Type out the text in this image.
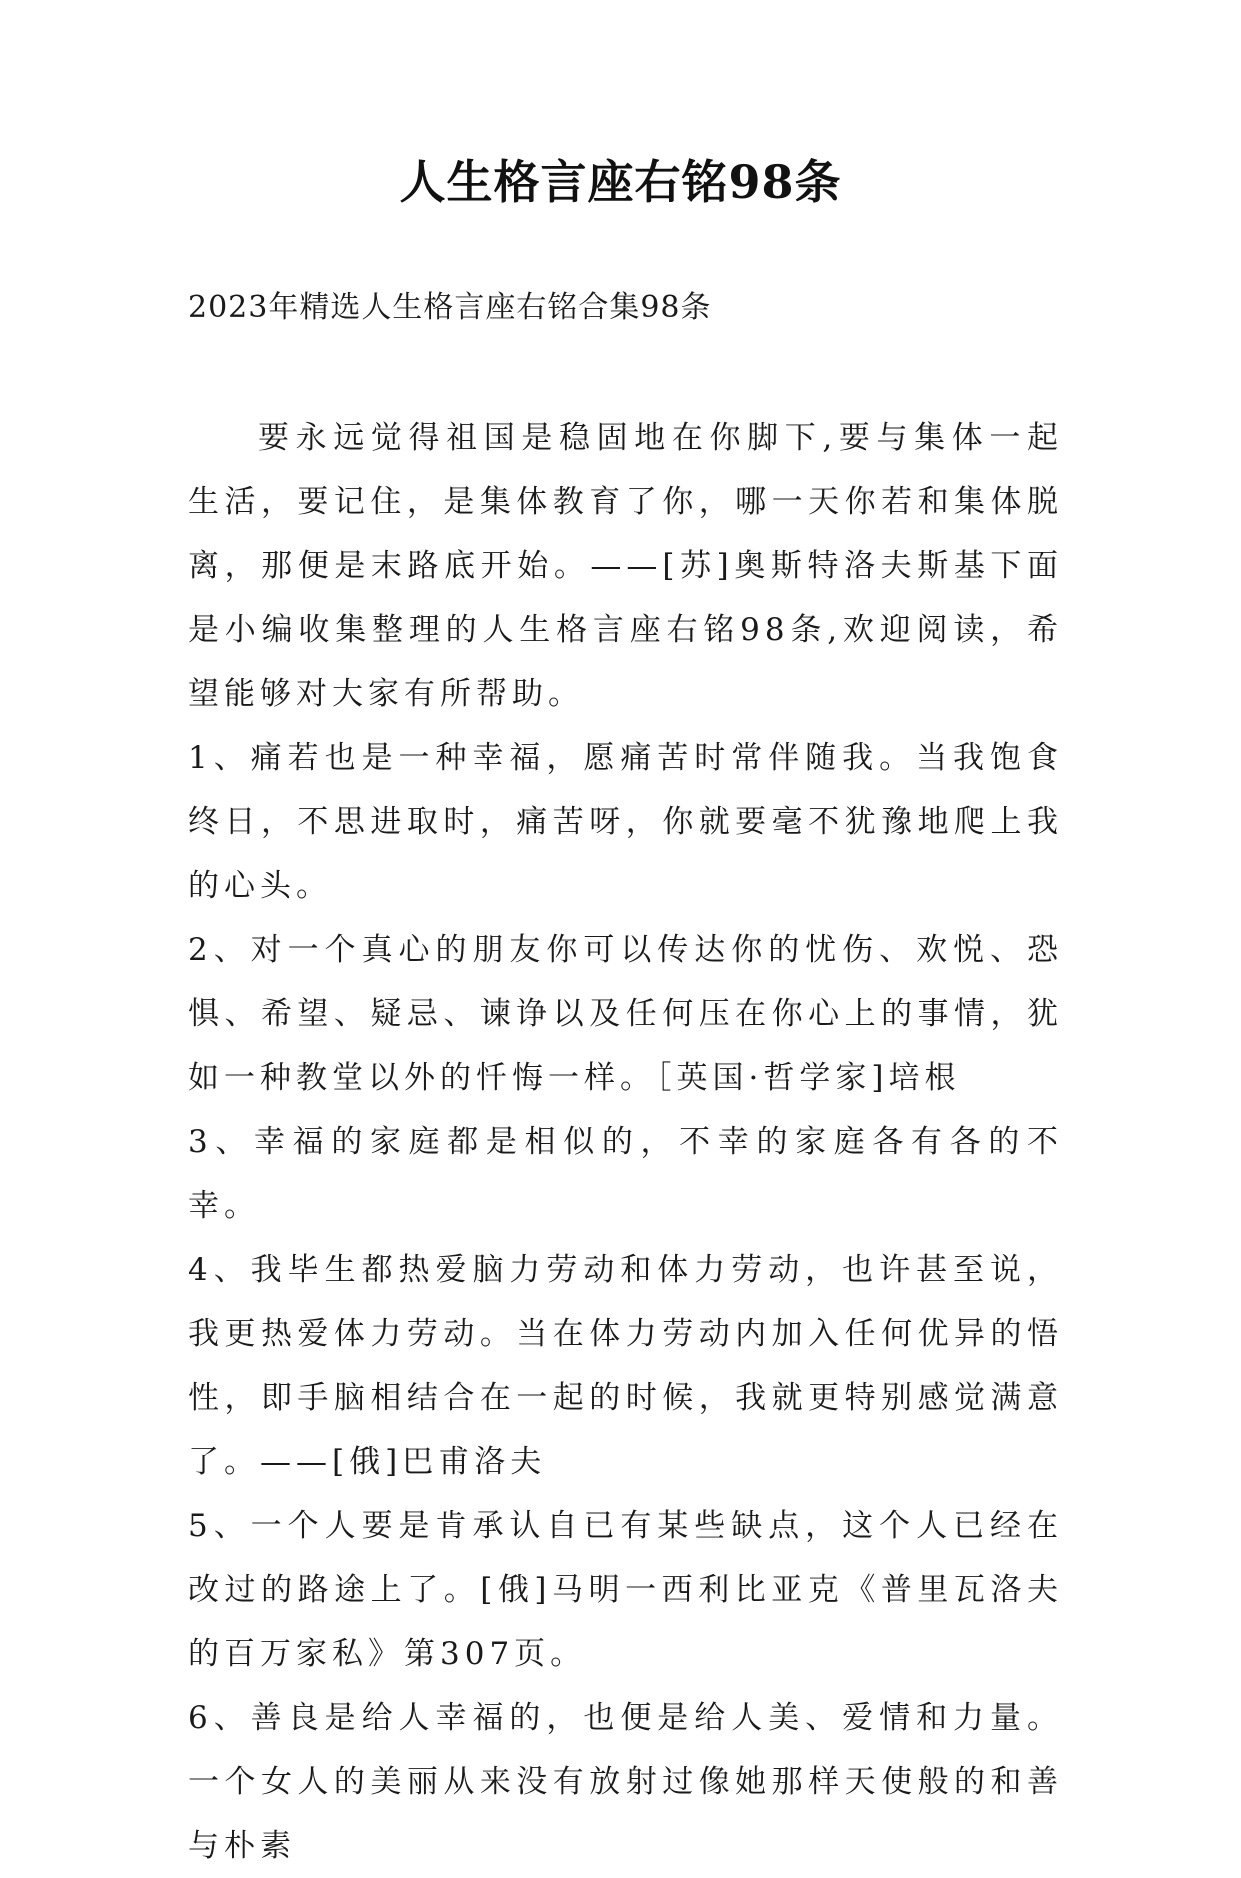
人生格言座右铭98条
2023年精选人生格言座右铭合集98条

要永远觉得祖国是稳固地在你脚下,要与集体一起生活，要记住，是集体教育了你，哪一天你若和集体脱离，那便是末路底开始。——[苏]奥斯特洛夫斯基下面是小编收集整理的人生格言座右铭98条,欢迎阅读，希望能够对大家有所帮助。

1、痛若也是一种幸福，愿痛苦时常伴随我。当我饱食终日，不思进取时，痛苦呀，你就要毫不犹豫地爬上我的心头。

2、对一个真心的朋友你可以传达你的忧伤、欢悦、恐惧、希望、疑忌、谏诤以及任何压在你心上的事情，犹如一种教堂以外的忏悔一样。［英国·哲学家]培根

3、幸福的家庭都是相似的，不幸的家庭各有各的不幸。

4、我毕生都热爱脑力劳动和体力劳动，也许甚至说，我更热爱体力劳动。当在体力劳动内加入任何优异的悟性，即手脑相结合在一起的时候，我就更特别感觉满意了。——[俄]巴甫洛夫

5、一个人要是肯承认自已有某些缺点，这个人已经在改过的路途上了。[俄]马明一西利比亚克《普里瓦洛夫的百万家私》第307页。

6、善良是给人幸福的，也便是给人美、爱情和力量。一个女人的美丽从来没有放射过像她那样天使般的和善与朴素
